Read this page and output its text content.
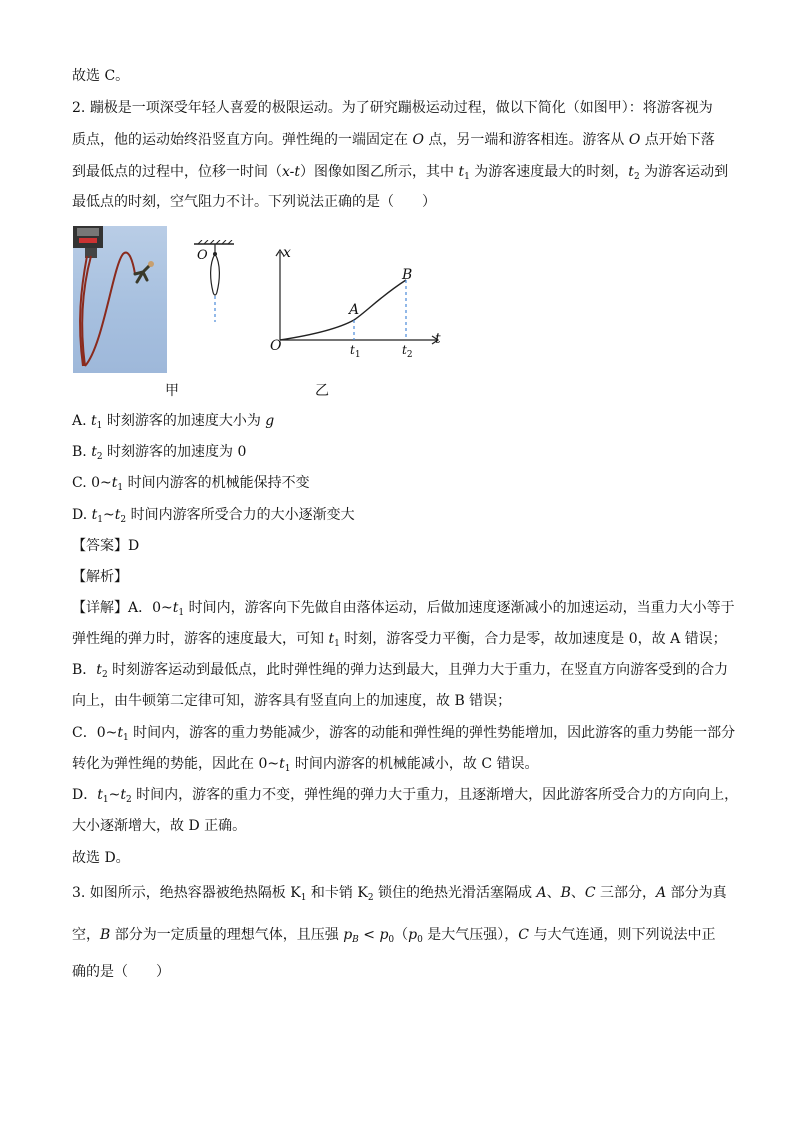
故选 C。
2. 蹦极是一项深受年轻人喜爱的极限运动。为了研究蹦极运动过程，做以下简化（如图甲）：将游客视为
质点，他的运动始终沿竖直方向。弹性绳的一端固定在 O 点，另一端和游客相连。游客从 O 点开始下落
到最低点的过程中，位移一时间（x-t）图像如图乙所示，其中 $t_1$ 为游客速度最大的时刻，$t_2$ 为游客运动到
最低点的时刻，空气阻力不计。下列说法正确的是（　　）
甲
O	x
t
O
A
B
$t_1$	$t_2$
乙
A. $t_1$ 时刻游客的加速度大小为 g
B. $t_2$ 时刻游客的加速度为 0
C. $0\sim t_1$ 时间内游客的机械能保持不变
D. $t_1\sim t_2$ 时间内游客所受合力的大小逐渐变大
【答案】D
【解析】
【详解】A．$0\sim t_1$ 时间内，游客向下先做自由落体运动，后做加速度逐渐减小的加速运动，当重力大小等于
弹性绳的弹力时，游客的速度最大，可知 $t_1$ 时刻，游客受力平衡，合力是零，故加速度是 0，故 A 错误；
B．$t_2$ 时刻游客运动到最低点，此时弹性绳的弹力达到最大，且弹力大于重力，在竖直方向游客受到的合力
向上，由牛顿第二定律可知，游客具有竖直向上的加速度，故 B 错误；
C．$0\sim t_1$ 时间内，游客的重力势能减少，游客的动能和弹性绳的弹性势能增加，因此游客的重力势能一部分
转化为弹性绳的势能，因此在 $0\sim t_1$ 时间内游客的机械能减小，故 C 错误。
D．$t_1\sim t_2$ 时间内，游客的重力不变，弹性绳的弹力大于重力，且逐渐增大，因此游客所受合力的方向向上，
大小逐渐增大，故 D 正确。
故选 D。
3. 如图所示，绝热容器被绝热隔板 $K_1$ 和卡销 $K_2$ 锁住的绝热光滑活塞隔成 A、B、C 三部分，A 部分为真
空，B 部分为一定质量的理想气体，且压强 $p_B < p_0(p_0$ 是大气压强），C 与大气连通，则下列说法中正
确的是（　　）
